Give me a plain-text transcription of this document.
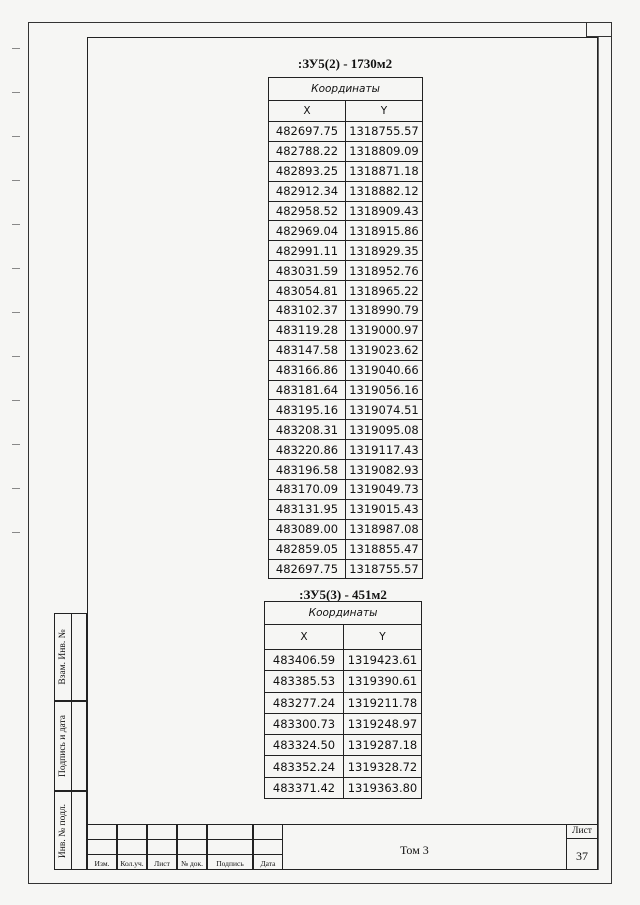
:ЗУ5(2) - 1730м2
Координаты	
X	Y
482697.75	1318755.57
482788.22	1318809.09
482893.25	1318871.18
482912.34	1318882.12
482958.52	1318909.43
482969.04	1318915.86
482991.11	1318929.35
483031.59	1318952.76
483054.81	1318965.22
483102.37	1318990.79
483119.28	1319000.97
483147.58	1319023.62
483166.86	1319040.66
483181.64	1319056.16
483195.16	1319074.51
483208.31	1319095.08
483220.86	1319117.43
483196.58	1319082.93
483170.09	1319049.73
483131.95	1319015.43
483089.00	1318987.08
482859.05	1318855.47
482697.75	1318755.57
:ЗУ5(3) - 451м2
Координаты	
X	Y
483406.59	1319423.61
483385.53	1319390.61
483277.24	1319211.78
483300.73	1319248.97
483324.50	1319287.18
483352.24	1319328.72
483371.42	1319363.80
Взам. Инв. №
Подпись и дата
Инв. № подл.
Изм.	Кол.уч.	Лист	№ док.	Подпись	Дата
Том 3
Лист
37
